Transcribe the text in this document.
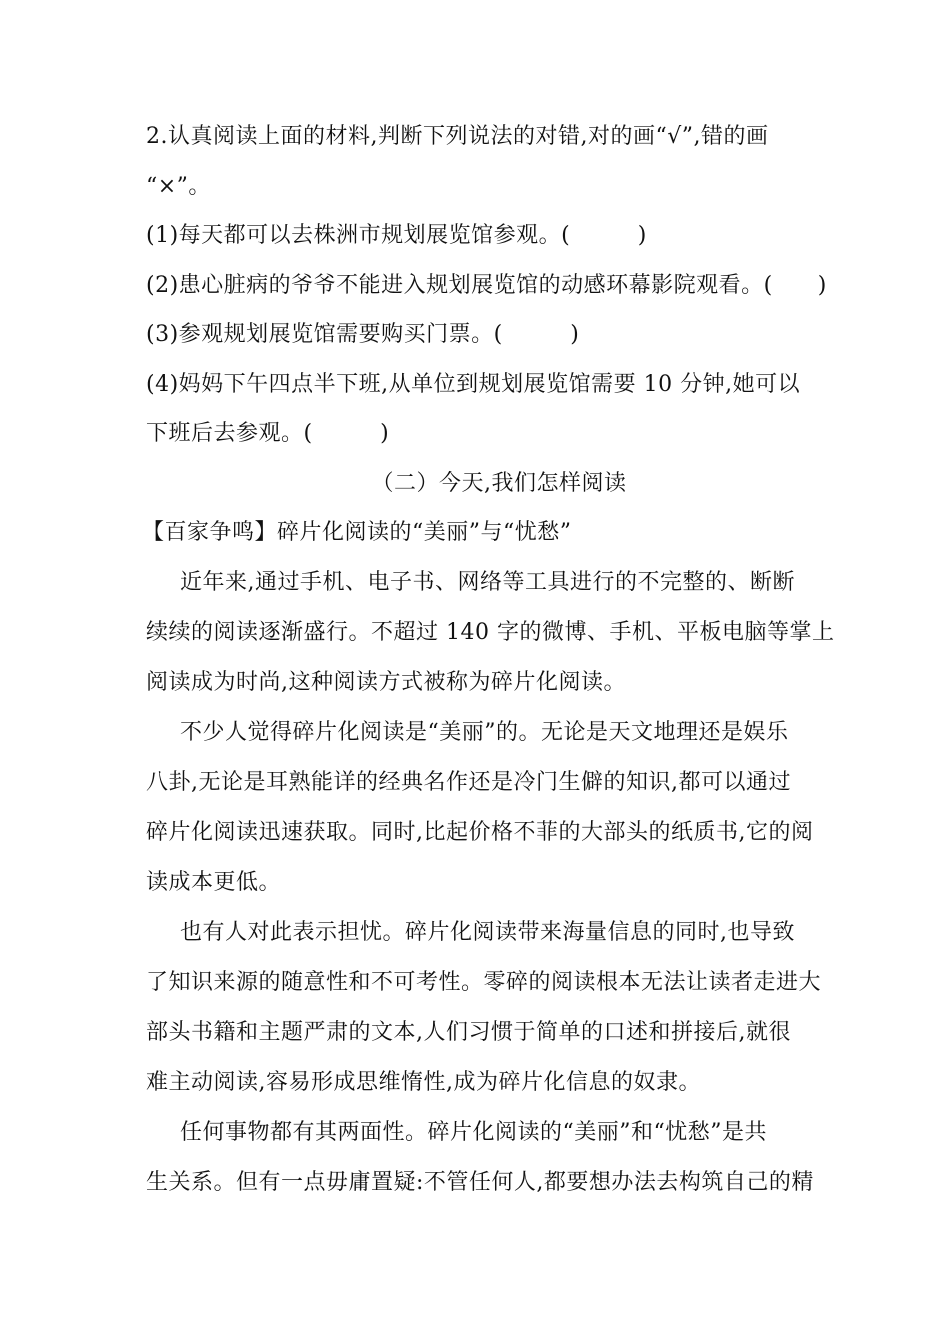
2.认真阅读上面的材料,判断下列说法的对错,对的画“√”,错的画
“×”。
(1)每天都可以去株洲市规划展览馆参观。(　　　)
(2)患心脏病的爷爷不能进入规划展览馆的动感环幕影院观看。(　　)
(3)参观规划展览馆需要购买门票。(　　　)
(4)妈妈下午四点半下班,从单位到规划展览馆需要 10 分钟,她可以
下班后去参观。(　　　)
（二）今天,我们怎样阅读
【百家争鸣】碎片化阅读的“美丽”与“忧愁”
近年来,通过手机、电子书、网络等工具进行的不完整的、断断
续续的阅读逐渐盛行。不超过 140 字的微博、手机、平板电脑等掌上
阅读成为时尚,这种阅读方式被称为碎片化阅读。
不少人觉得碎片化阅读是“美丽”的。无论是天文地理还是娱乐
八卦,无论是耳熟能详的经典名作还是冷门生僻的知识,都可以通过
碎片化阅读迅速获取。同时,比起价格不菲的大部头的纸质书,它的阅
读成本更低。
也有人对此表示担忧。碎片化阅读带来海量信息的同时,也导致
了知识来源的随意性和不可考性。零碎的阅读根本无法让读者走进大
部头书籍和主题严肃的文本,人们习惯于简单的口述和拼接后,就很
难主动阅读,容易形成思维惰性,成为碎片化信息的奴隶。
任何事物都有其两面性。碎片化阅读的“美丽”和“忧愁”是共
生关系。但有一点毋庸置疑:不管任何人,都要想办法去构筑自己的精
